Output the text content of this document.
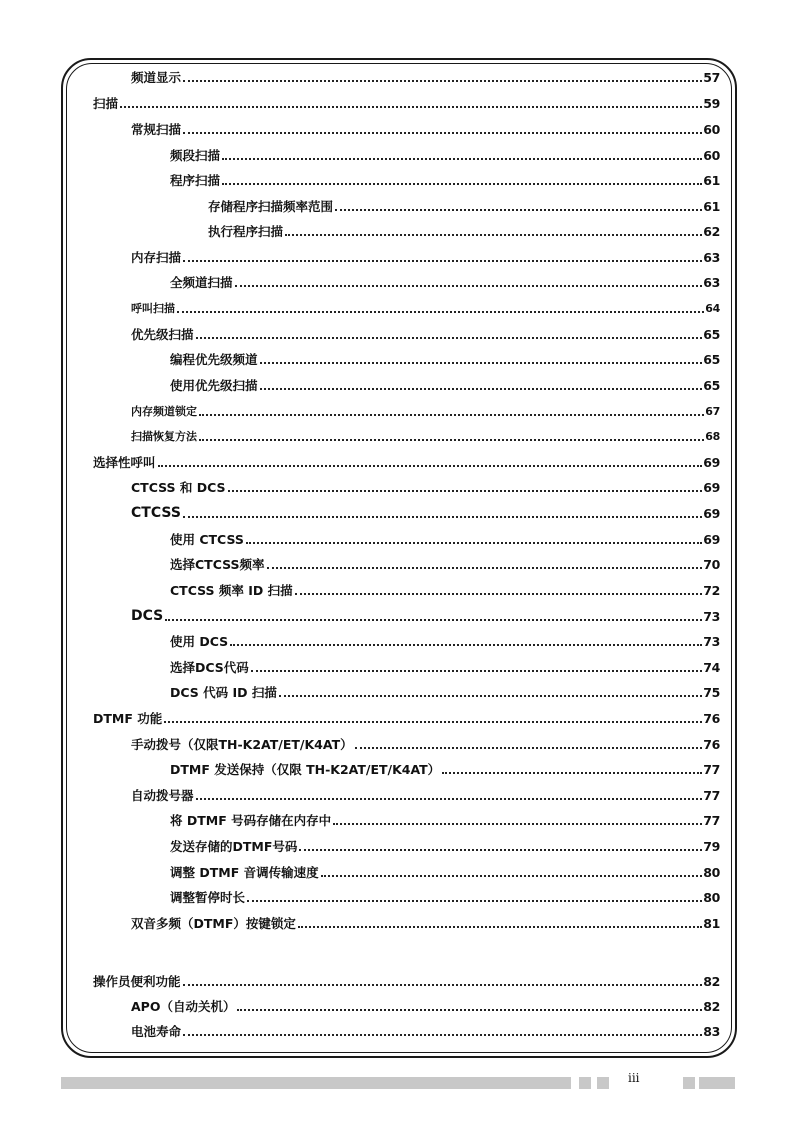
频道显示	57
扫描	59
常规扫描	60
频段扫描	60
程序扫描	61
存储程序扫描频率范围	61
执行程序扫描	62
内存扫描	63
全频道扫描	63
呼叫扫描	64
优先级扫描	65
编程优先级频道	65
使用优先级扫描	65
内存频道锁定	67
扫描恢复方法	68
选择性呼叫	69
CTCSS 和 DCS	69
CTCSS	69
使用 CTCSS	69
选择CTCSS频率	70
CTCSS 频率 ID 扫描	72
DCS	73
使用 DCS	73
选择DCS代码	74
DCS 代码 ID 扫描	75
DTMF 功能	76
手动拨号（仅限TH-K2AT/ET/K4AT）	76
DTMF 发送保持（仅限 TH-K2AT/ET/K4AT）	77
自动拨号器	77
将 DTMF 号码存储在内存中	77
发送存储的DTMF号码	79
调整 DTMF 音调传输速度	80
调整暂停时长	80
双音多频（DTMF）按键锁定	81
操作员便利功能	82
APO（自动关机）	82
电池寿命	83
iii
